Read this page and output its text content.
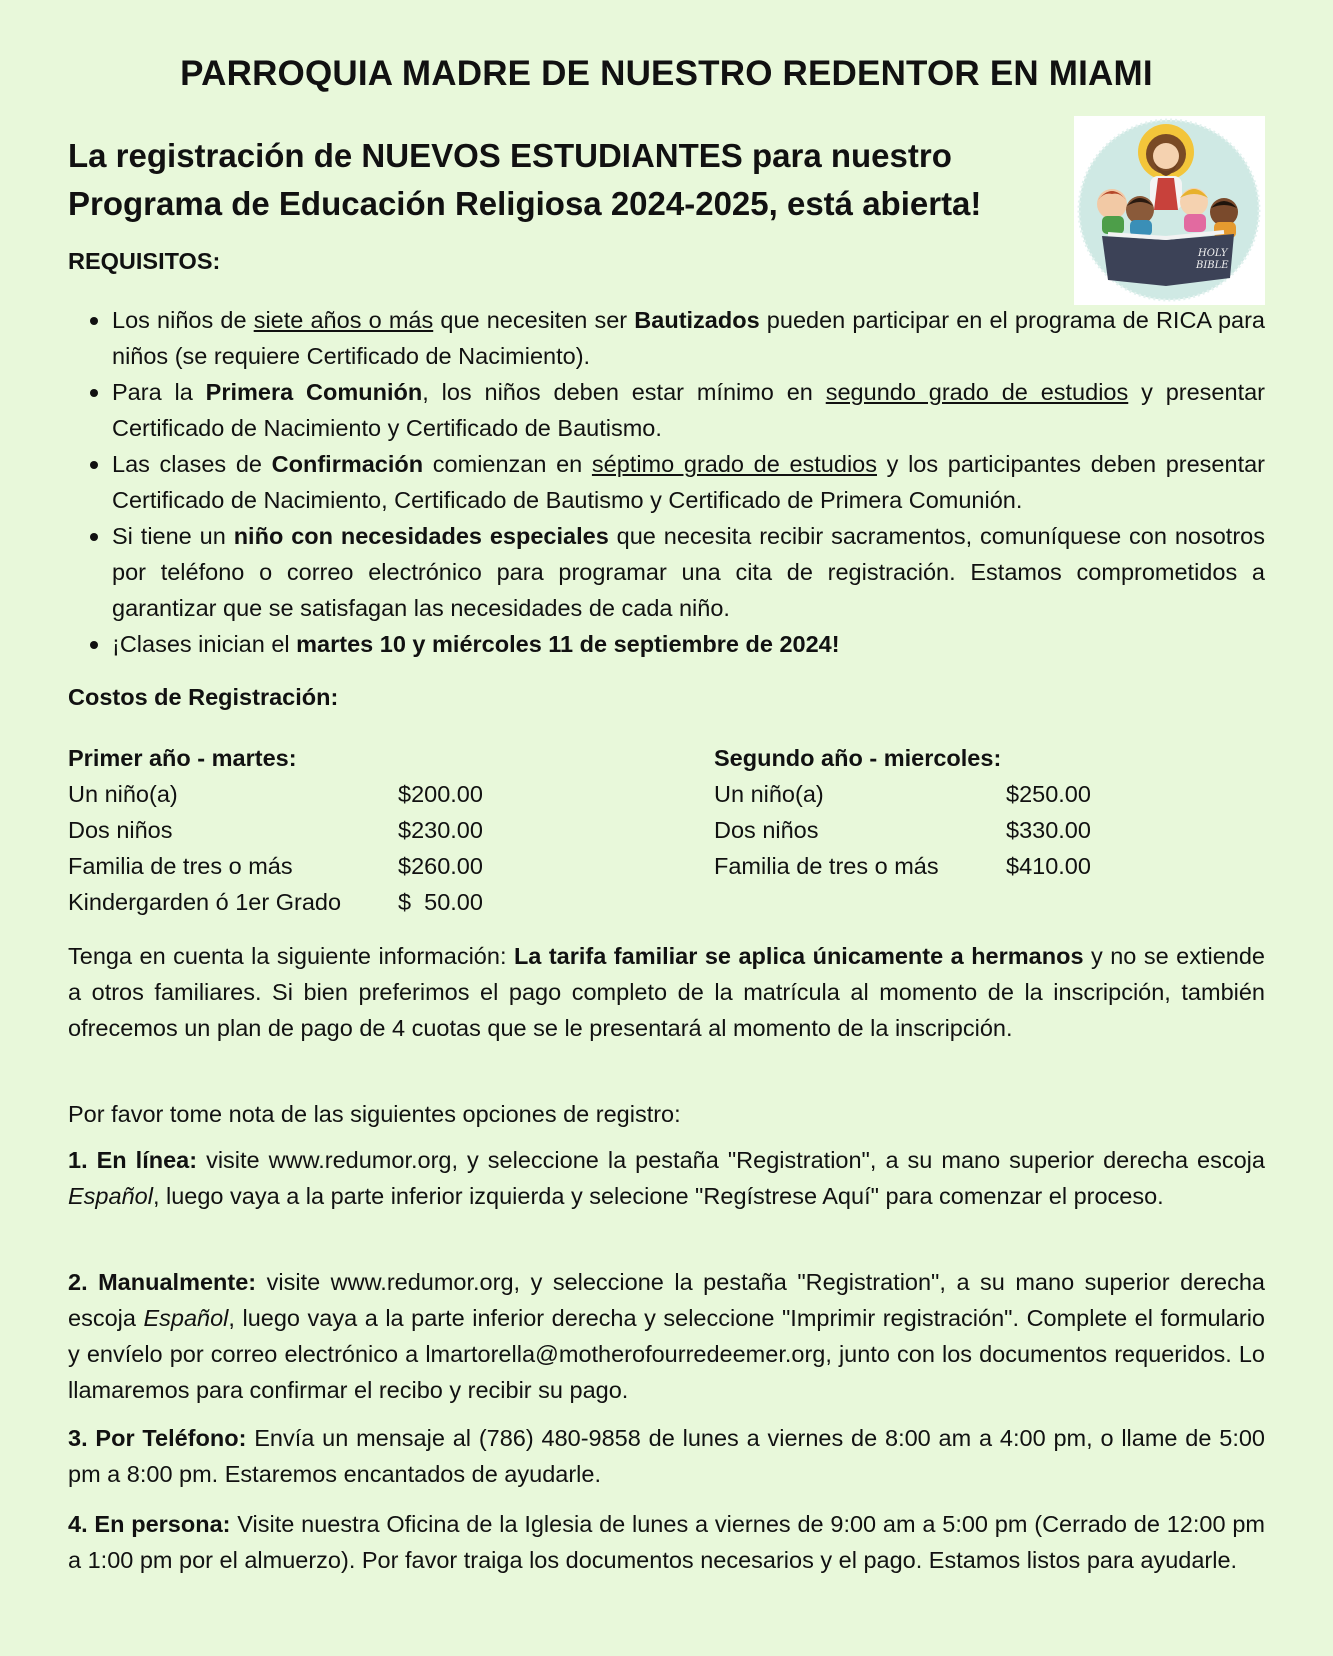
PARROQUIA MADRE DE NUESTRO REDENTOR EN MIAMI
La registración de NUEVOS ESTUDIANTES para nuestro
Programa de Educación Religiosa 2024-2025, está abierta!
HOLY
BIBLE
REQUISITOS:
Los niños de siete años o más que necesiten ser Bautizados pueden participar en el programa de RICA para niños (se requiere Certificado de Nacimiento).
Para la Primera Comunión, los niños deben estar mínimo en segundo grado de estudios y presentar Certificado de Nacimiento y Certificado de Bautismo.
Las clases de Confirmación comienzan en séptimo grado de estudios y los participantes deben presentar Certificado de Nacimiento, Certificado de Bautismo y Certificado de Primera Comunión.
Si tiene un niño con necesidades especiales que necesita recibir sacramentos, comuníquese con nosotros por teléfono o correo electrónico para programar una cita de registración. Estamos comprometidos a garantizar que se satisfagan las necesidades de cada niño.
¡Clases inician el martes 10 y miércoles 11 de septiembre de 2024!
Costos de Registración:
Primer año - martes:
Un niño(a)	$200.00
Dos niños	$230.00
Familia de tres o más	$260.00
Kindergarden ó 1er Grado	$  50.00
Segundo año - miercoles:
Un niño(a)	$250.00
Dos niños	$330.00
Familia de tres o más	$410.00
Tenga en cuenta la siguiente información: La tarifa familiar se aplica únicamente a hermanos y no se extiende a otros familiares. Si bien preferimos el pago completo de la matrícula al momento de la inscripción, también ofrecemos un plan de pago de 4 cuotas que se le presentará al momento de la inscripción.
Por favor tome nota de las siguientes opciones de registro:
1. En línea: visite www.redumor.org, y seleccione la pestaña "Registration", a su mano superior derecha escoja Español, luego vaya a la parte inferior izquierda y selecione "Regístrese Aquí" para comenzar el proceso.
2. Manualmente: visite www.redumor.org, y seleccione la pestaña "Registration", a su mano superior derecha escoja Español, luego vaya a la parte inferior derecha y seleccione "Imprimir registración". Complete el formulario y envíelo por correo electrónico a lmartorella@motherofourredeemer.org, junto con los documentos requeridos. Lo llamaremos para confirmar el recibo y recibir su pago.
3. Por Teléfono: Envía un mensaje al (786) 480-9858 de lunes a viernes de 8:00 am a 4:00 pm, o llame de 5:00 pm a 8:00 pm. Estaremos encantados de ayudarle.
4. En persona: Visite nuestra Oficina de la Iglesia de lunes a viernes de 9:00 am a 5:00 pm (Cerrado de 12:00 pm a 1:00 pm por el almuerzo). Por favor traiga los documentos necesarios y el pago. Estamos listos para ayudarle.
